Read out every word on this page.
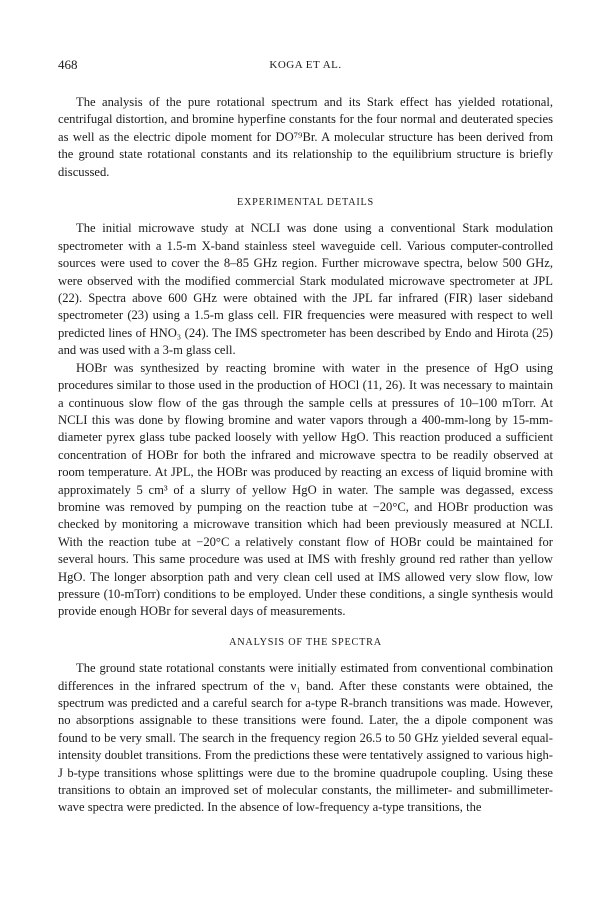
468	KOGA ET AL.

The analysis of the pure rotational spectrum and its Stark effect has yielded rotational, centrifugal distortion, and bromine hyperfine constants for the four normal and deuterated species as well as the electric dipole moment for DO⁷⁹Br. A molecular structure has been derived from the ground state rotational constants and its relationship to the equilibrium structure is briefly discussed.

EXPERIMENTAL DETAILS

The initial microwave study at NCLI was done using a conventional Stark modulation spectrometer with a 1.5-m X-band stainless steel waveguide cell. Various computer-controlled sources were used to cover the 8–85 GHz region. Further microwave spectra, below 500 GHz, were observed with the modified commercial Stark modulated microwave spectrometer at JPL (22). Spectra above 600 GHz were obtained with the JPL far infrared (FIR) laser sideband spectrometer (23) using a 1.5-m glass cell. FIR frequencies were measured with respect to well predicted lines of HNO₃ (24). The IMS spectrometer has been described by Endo and Hirota (25) and was used with a 3-m glass cell.

HOBr was synthesized by reacting bromine with water in the presence of HgO using procedures similar to those used in the production of HOCl (11, 26). It was necessary to maintain a continuous slow flow of the gas through the sample cells at pressures of 10–100 mTorr. At NCLI this was done by flowing bromine and water vapors through a 400-mm-long by 15-mm-diameter pyrex glass tube packed loosely with yellow HgO. This reaction produced a sufficient concentration of HOBr for both the infrared and microwave spectra to be readily observed at room temperature. At JPL, the HOBr was produced by reacting an excess of liquid bromine with approximately 5 cm³ of a slurry of yellow HgO in water. The sample was degassed, excess bromine was removed by pumping on the reaction tube at −20°C, and HOBr production was checked by monitoring a microwave transition which had been previously measured at NCLI. With the reaction tube at −20°C a relatively constant flow of HOBr could be maintained for several hours. This same procedure was used at IMS with freshly ground red rather than yellow HgO. The longer absorption path and very clean cell used at IMS allowed very slow flow, low pressure (10-mTorr) conditions to be employed. Under these conditions, a single synthesis would provide enough HOBr for several days of measurements.

ANALYSIS OF THE SPECTRA

The ground state rotational constants were initially estimated from conventional combination differences in the infrared spectrum of the ν₁ band. After these constants were obtained, the spectrum was predicted and a careful search for a-type R-branch transitions was made. However, no absorptions assignable to these transitions were found. Later, the a dipole component was found to be very small. The search in the frequency region 26.5 to 50 GHz yielded several equal-intensity doublet transitions. From the predictions these were tentatively assigned to various high-J b-type transitions whose splittings were due to the bromine quadrupole coupling. Using these transitions to obtain an improved set of molecular constants, the millimeter- and submillimeter-wave spectra were predicted. In the absence of low-frequency a-type transitions, the
